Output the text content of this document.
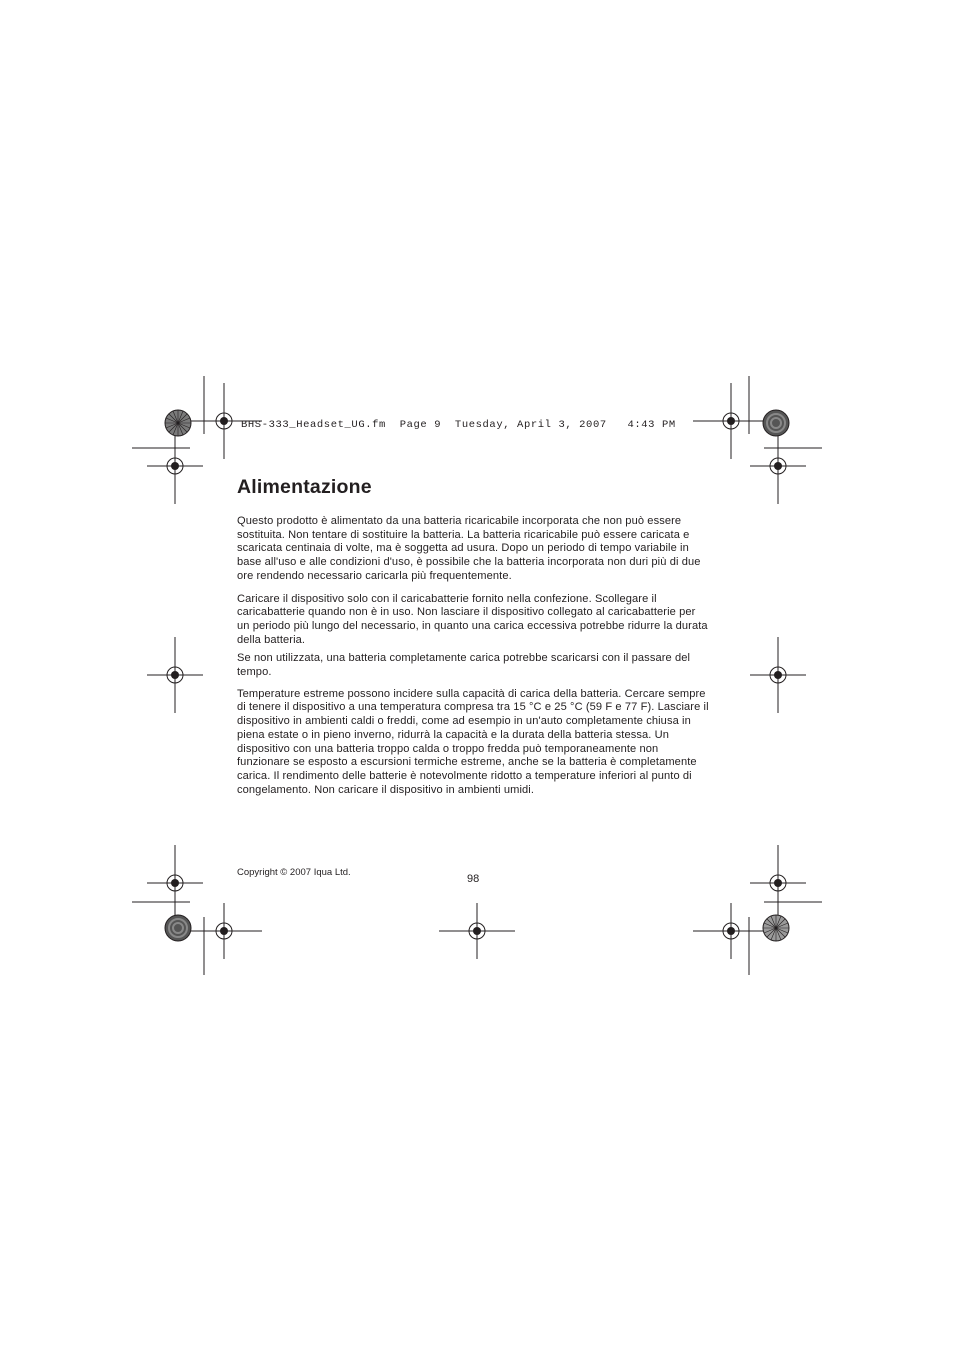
BHS-333_Headset_UG.fm  Page 9  Tuesday, April 3, 2007   4:43 PM
Alimentazione

Questo prodotto è alimentato da una batteria ricaricabile incorporata che non può essere sostituita. Non tentare di sostituire la batteria. La batteria ricaricabile può essere caricata e scaricata centinaia di volte, ma è soggetta ad usura. Dopo un periodo di tempo variabile in base all'uso e alle condizioni d'uso, è possibile che la batteria incorporata non duri più di due ore rendendo necessario caricarla più frequentemente.

Caricare il dispositivo solo con il caricabatterie fornito nella confezione. Scollegare il caricabatterie quando non è in uso. Non lasciare il dispositivo collegato al caricabatterie per un periodo più lungo del necessario, in quanto una carica eccessiva potrebbe ridurre la durata della batteria.

Se non utilizzata, una batteria completamente carica potrebbe scaricarsi con il passare del tempo.

Temperature estreme possono incidere sulla capacità di carica della batteria. Cercare sempre di tenere il dispositivo a una temperatura compresa tra 15 °C e 25 °C (59 F e 77 F). Lasciare il dispositivo in ambienti caldi o freddi, come ad esempio in un'auto completamente chiusa in piena estate o in pieno inverno, ridurrà la capacità e la durata della batteria stessa. Un dispositivo con una batteria troppo calda o troppo fredda può temporaneamente non funzionare se esposto a escursioni termiche estreme, anche se la batteria è completamente carica. Il rendimento delle batterie è notevolmente ridotto a temperature inferiori al punto di congelamento. Non caricare il dispositivo in ambienti umidi.

Copyright © 2007 Iqua Ltd.
98
